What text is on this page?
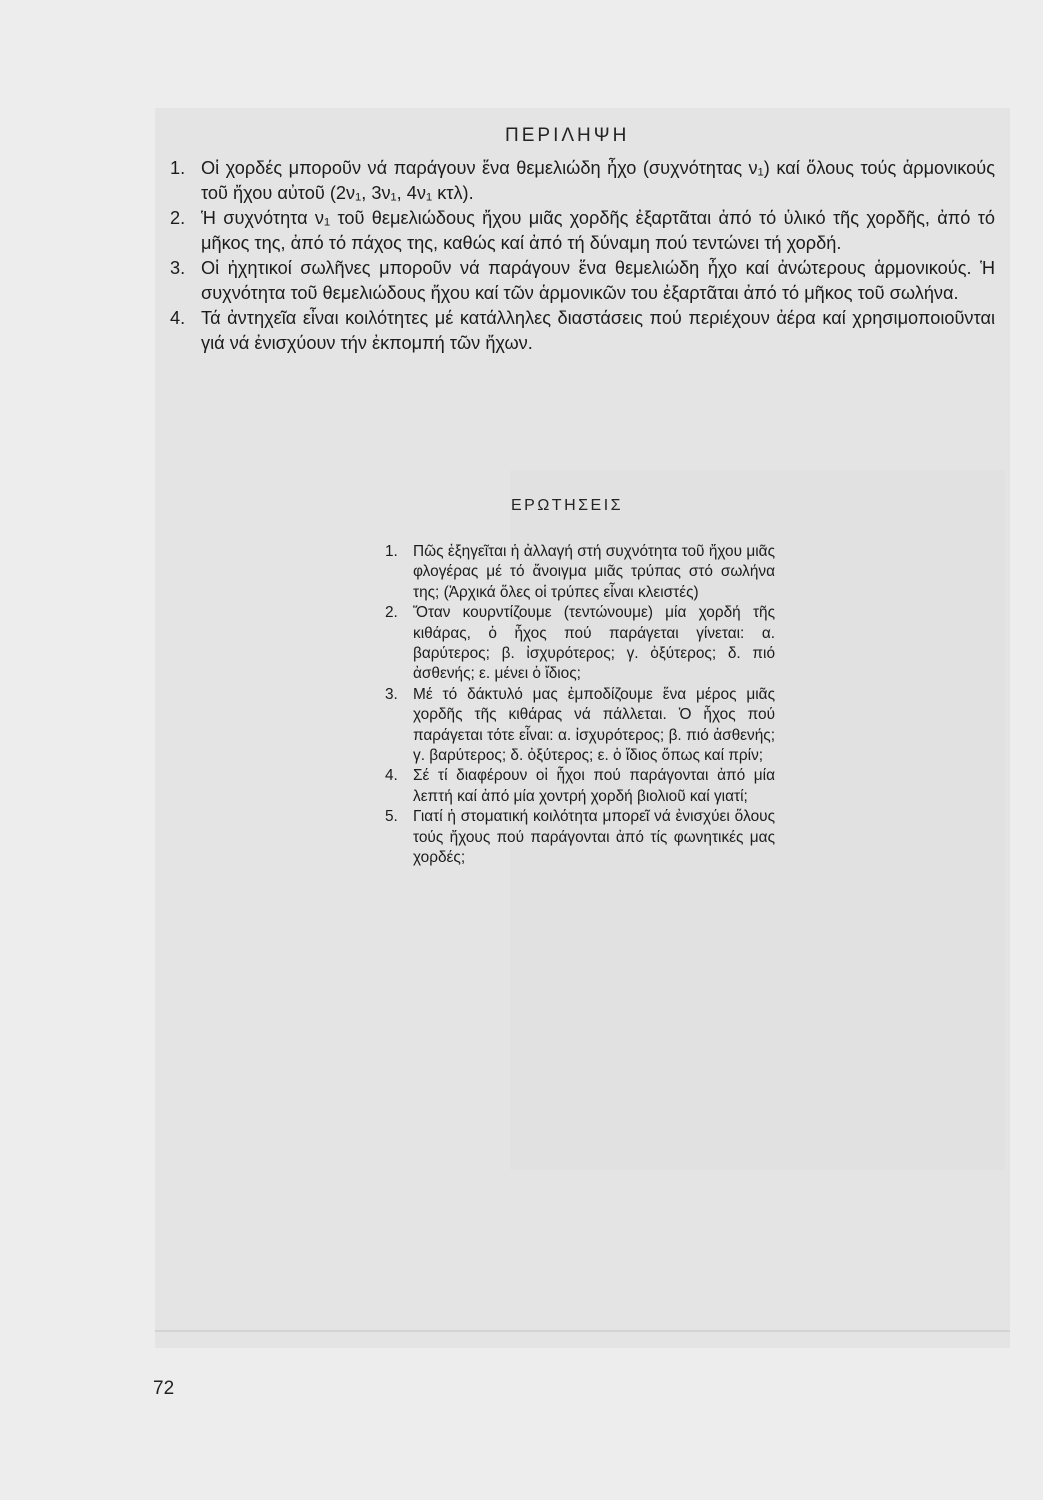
ΠΕΡΙΛΗΨΗ
1. Οἱ χορδές μποροῦν νά παράγουν ἕνα θεμελιώδη ἦχο (συχνότητας ν₁) καί ὅλους τούς ἁρμονικούς τοῦ ἤχου αὐτοῦ (2ν₁, 3ν₁, 4ν₁ κτλ).
2. Ἡ συχνότητα ν₁ τοῦ θεμελιώδους ἤχου μιᾶς χορδῆς ἐξαρτᾶται ἀπό τό ὑλικό τῆς χορδῆς, ἀπό τό μῆκος της, ἀπό τό πάχος της, καθώς καί ἀπό τή δύναμη πού τεντώνει τή χορδή.
3. Οἱ ἠχητικοί σωλῆνες μποροῦν νά παράγουν ἕνα θεμελιώδη ἦχο καί ἀνώτερους ἁρμονικούς. Ἡ συχνότητα τοῦ θεμελιώδους ἤχου καί τῶν ἁρμονικῶν του ἐξαρτᾶται ἀπό τό μῆκος τοῦ σωλήνα.
4. Τά ἀντηχεῖα εἶναι κοιλότητες μέ κατάλληλες διαστάσεις πού περιέχουν ἀέρα καί χρησιμοποιοῦνται γιά νά ἐνισχύουν τήν ἐκπομπή τῶν ἤχων.
ΕΡΩΤΗΣΕΙΣ
1. Πῶς ἐξηγεῖται ἡ ἀλλαγή στή συχνότητα τοῦ ἤχου μιᾶς φλογέρας μέ τό ἄνοιγμα μιᾶς τρύπας στό σωλήνα της; (Ἀρχικά ὅλες οἱ τρύπες εἶναι κλειστές)
2. Ὅταν κουρντίζουμε (τεντώνουμε) μία χορδή τῆς κιθάρας, ὁ ἦχος πού παράγεται γίνεται: α. βαρύτερος; β. ἰσχυρότερος; γ. ὀξύτερος; δ. πιό ἀσθενής; ε. μένει ὁ ἴδιος;
3. Μέ τό δάκτυλό μας ἐμποδίζουμε ἕνα μέρος μιᾶς χορδῆς τῆς κιθάρας νά πάλλεται. Ὁ ἦχος πού παράγεται τότε εἶναι: α. ἰσχυρότερος; β. πιό ἀσθενής; γ. βαρύτερος; δ. ὀξύτερος; ε. ὁ ἴδιος ὅπως καί πρίν;
4. Σέ τί διαφέρουν οἱ ἦχοι πού παράγονται ἀπό μία λεπτή καί ἀπό μία χοντρή χορδή βιολιοῦ καί γιατί;
5. Γιατί ἡ στοματική κοιλότητα μπορεῖ νά ἐνισχύει ὅλους τούς ἤχους πού παράγονται ἀπό τίς φωνητικές μας χορδές;
72
